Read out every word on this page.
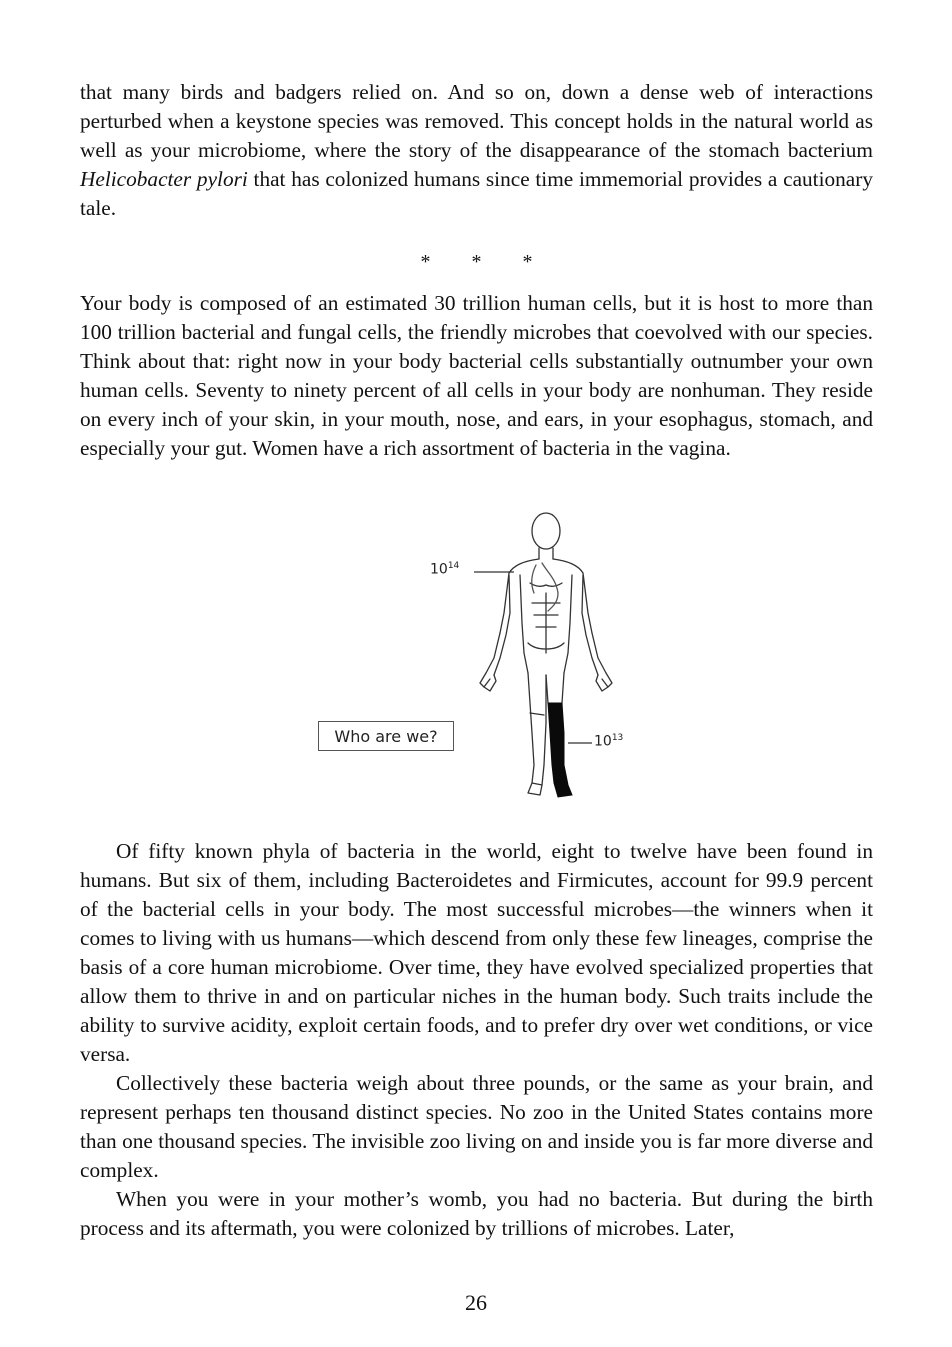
that many birds and badgers relied on. And so on, down a dense web of interactions perturbed when a keystone species was removed. This concept holds in the natural world as well as your microbiome, where the story of the disappearance of the stomach bacterium Helicobacter pylori that has colonized humans since time immemorial provides a cautionary tale.

* * *

Your body is composed of an estimated 30 trillion human cells, but it is host to more than 100 trillion bacterial and fungal cells, the friendly microbes that coevolved with our species. Think about that: right now in your body bacterial cells substantially outnumber your own human cells. Seventy to ninety percent of all cells in your body are nonhuman. They reside on every inch of your skin, in your mouth, nose, and ears, in your esophagus, stomach, and especially your gut. Women have a rich assortment of bacteria in the vagina.

$10^{14}$
$10^{13}$
Who are we?

Of fifty known phyla of bacteria in the world, eight to twelve have been found in humans. But six of them, including Bacteroidetes and Firmicutes, account for 99.9 percent of the bacterial cells in your body. The most successful microbes—the winners when it comes to living with us humans—which descend from only these few lineages, comprise the basis of a core human microbiome. Over time, they have evolved specialized properties that allow them to thrive in and on particular niches in the human body. Such traits include the ability to survive acidity, exploit certain foods, and to prefer dry over wet conditions, or vice versa.

Collectively these bacteria weigh about three pounds, or the same as your brain, and represent perhaps ten thousand distinct species. No zoo in the United States contains more than one thousand species. The invisible zoo living on and inside you is far more diverse and complex.

When you were in your mother’s womb, you had no bacteria. But during the birth process and its aftermath, you were colonized by trillions of microbes. Later,

26
